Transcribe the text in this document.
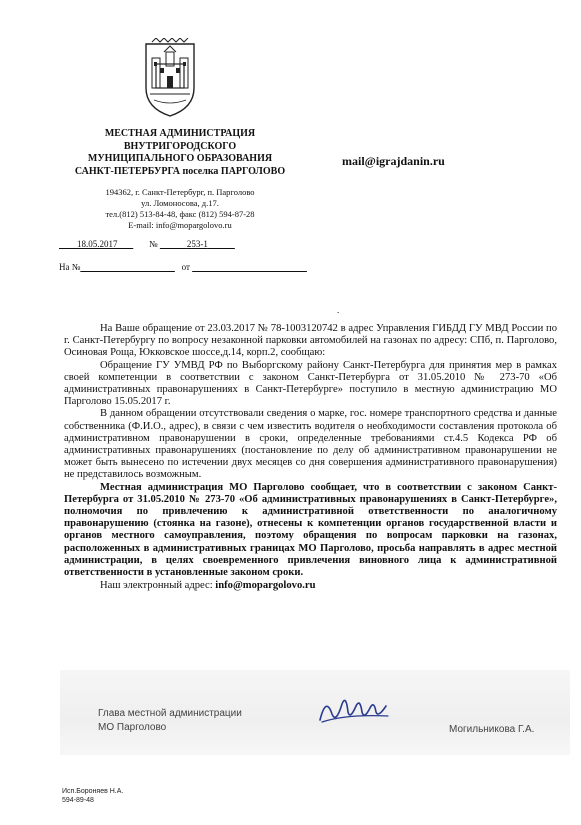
МЕСТНАЯ АДМИНИСТРАЦИЯ
ВНУТРИГОРОДСКОГО
МУНИЦИПАЛЬНОГО ОБРАЗОВАНИЯ
САНКТ-ПЕТЕРБУРГА поселка ПАРГОЛОВО
mail@igrajdanin.ru
194362, г. Санкт-Петербург, п. Парголово
ул. Ломоносова, д.17.
тел.(812) 513-84-48, факс (812) 594-87-28
E-mail: info@mopargolovo.ru
18.05.2017	№	253-1
На №	от
.

На Ваше обращение от 23.03.2017 № 78-1003120742 в адрес Управления ГИБДД ГУ МВД России по г. Санкт-Петербургу по вопросу незаконной парковки автомобилей на газонах по адресу: СПб, п. Парголово, Осиновая Роща, Юкковское шоссе,д.14, корп.2, сообщаю:

Обращение ГУ УМВД РФ по Выборгскому району Санкт-Петербурга для принятия мер в рамках своей компетенции в соответствии с законом Санкт-Петербурга от 31.05.2010 № 273-70 «Об административных правонарушениях в Санкт-Петербурге» поступило в местную администрацию МО Парголово 15.05.2017 г.

В данном обращении отсутствовали сведения о марке, гос. номере транспортного средства и данные собственника (Ф.И.О., адрес), в связи с чем известить водителя о необходимости составления протокола об административном правонарушении в сроки, определенные требованиями ст.4.5 Кодекса РФ об административных правонарушениях (постановление по делу об административном правонарушении не может быть вынесено по истечении двух месяцев со дня совершения административного правонарушения) не представилось возможным.

Местная администрация МО Парголово сообщает, что в соответствии с законом Санкт-Петербурга от 31.05.2010 № 273-70 «Об административных правонарушениях в Санкт-Петербурге», полномочия по привлечению к административной ответственности по аналогичному правонарушению (стоянка на газоне), отнесены к компетенции органов государственной власти и органов местного самоуправления, поэтому обращения по вопросам парковки на газонах, расположенных в административных границах МО Парголово, просьба направлять в адрес местной администрации, в целях своевременного привлечения виновного лица к административной ответственности в установленные законом сроки.

Наш электронный адрес: info@mopargolovo.ru

Глава местной администрации
МО Парголово	Могильникова Г.А.
Исп.Бороняев Н.А.
594-89-48
